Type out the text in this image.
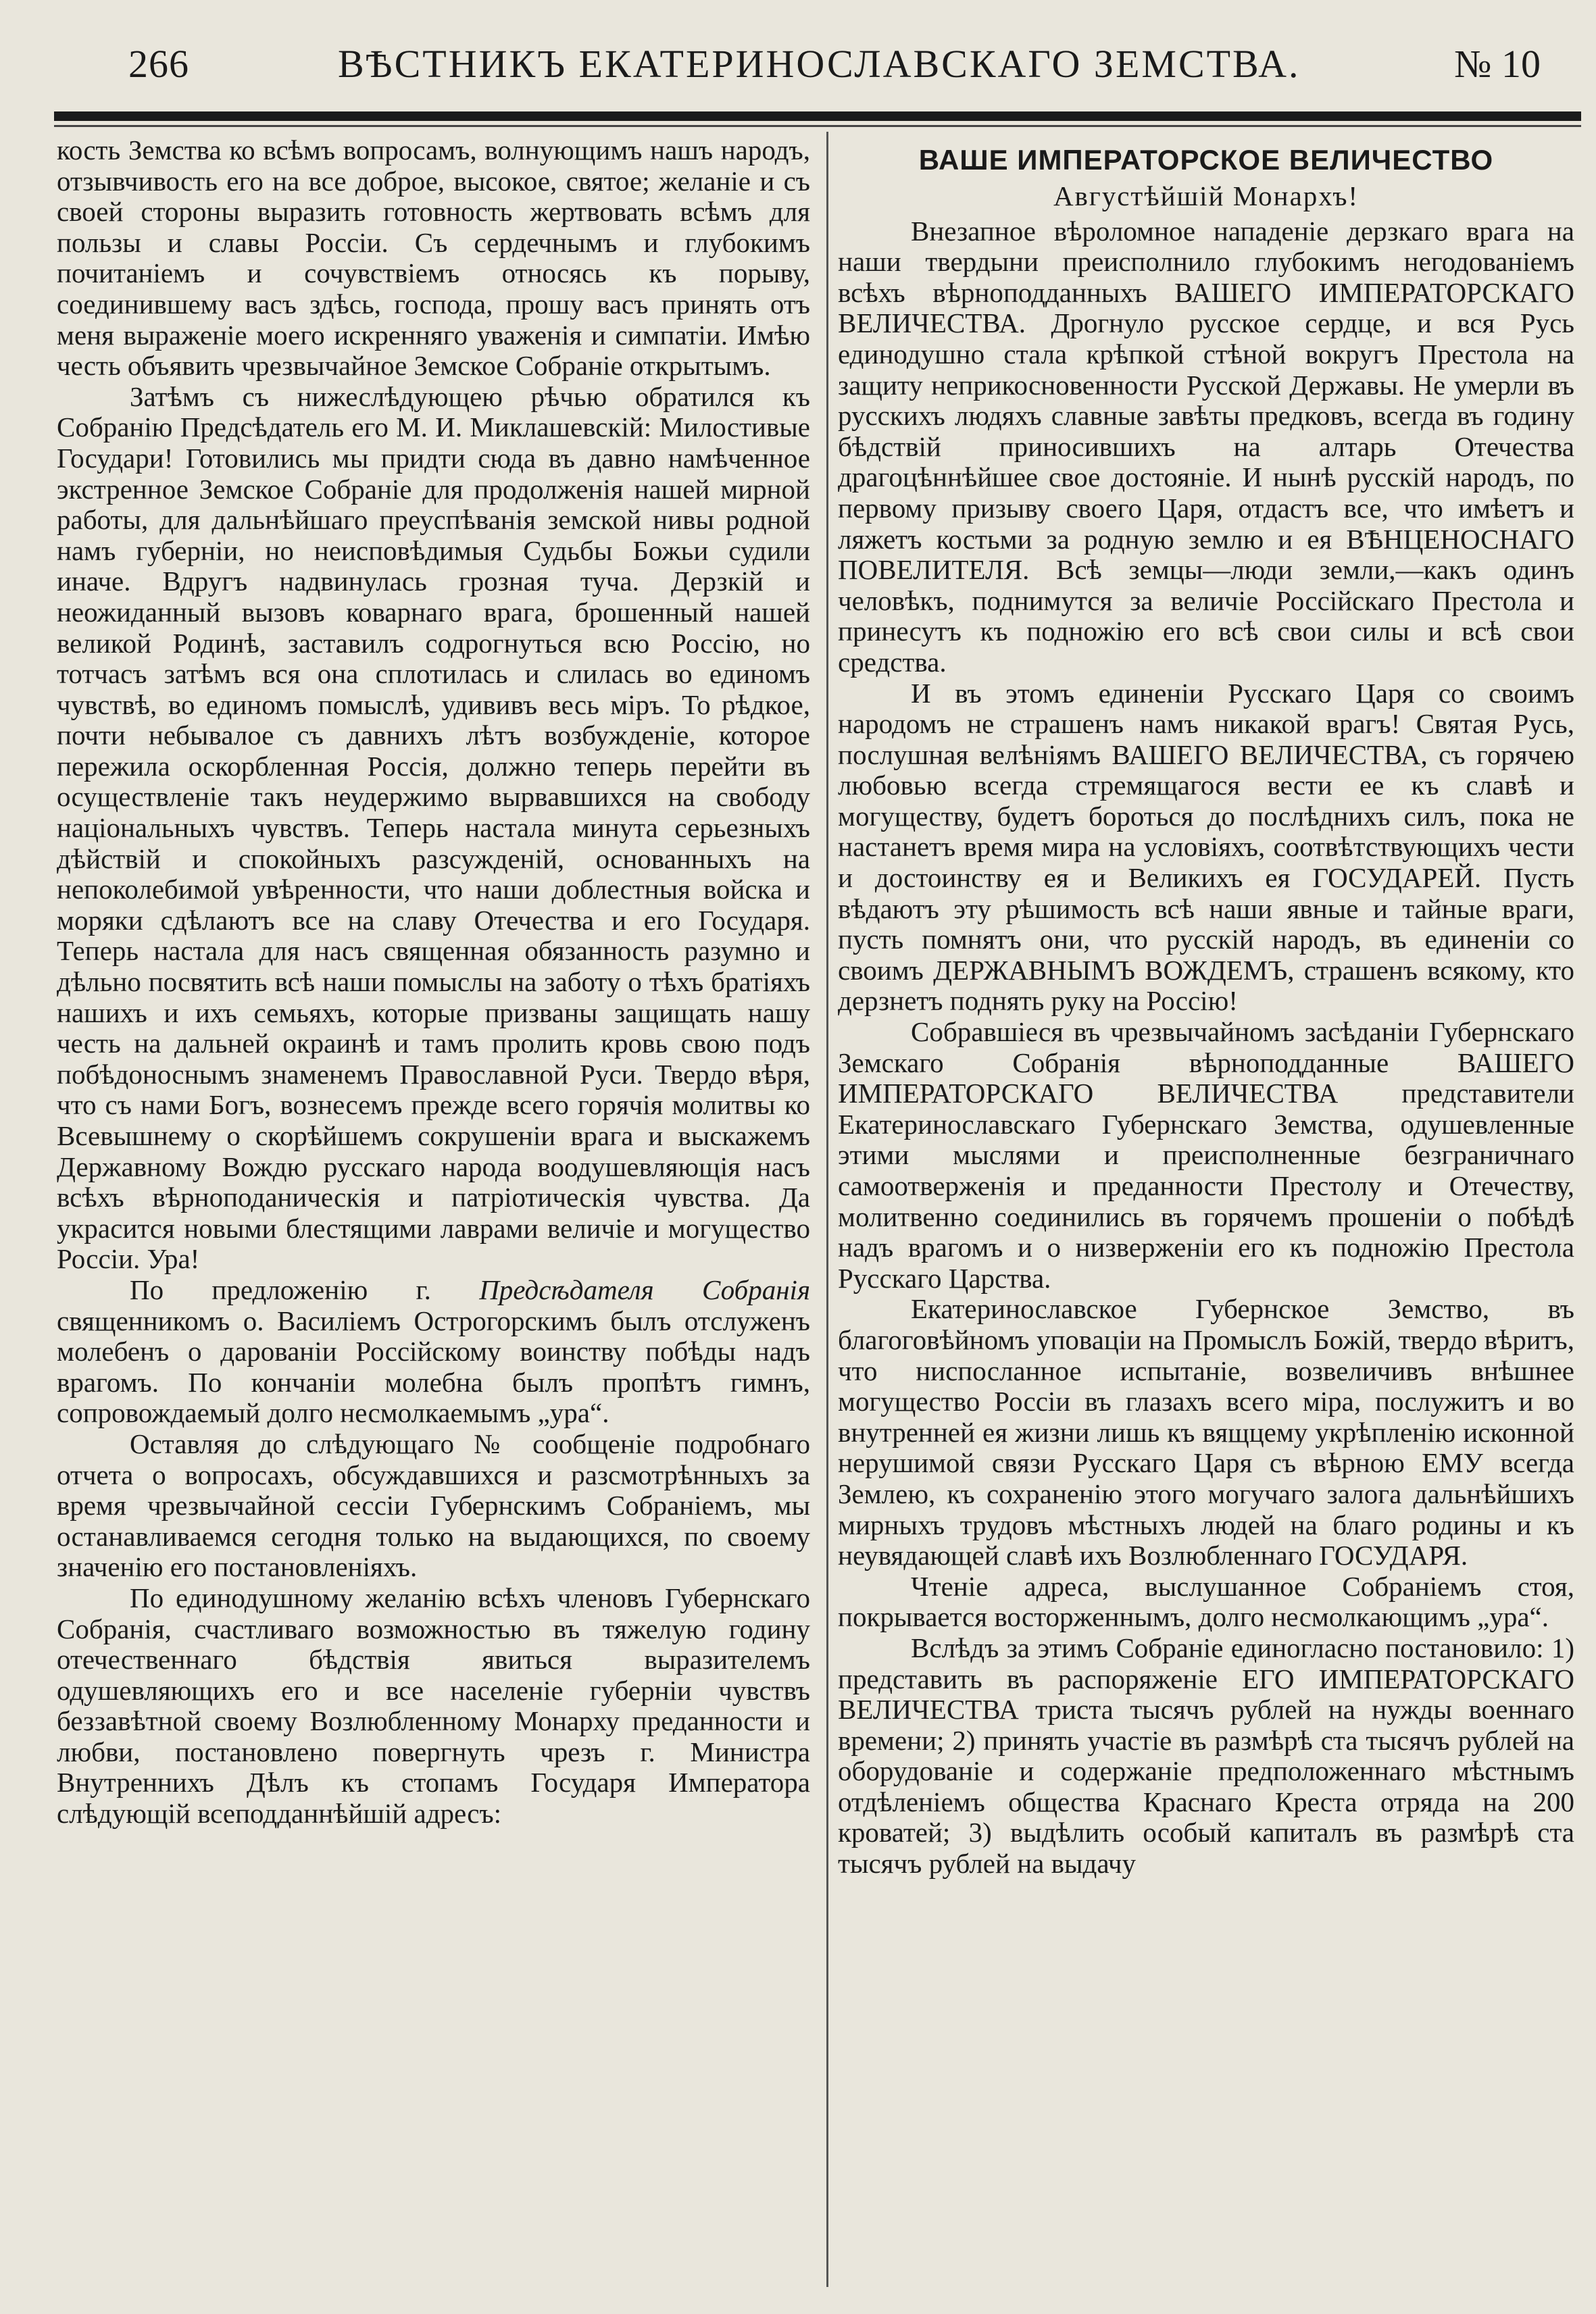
266	ВѢСТНИКЪ ЕКАТЕРИНОСЛАВСКАГО ЗЕМСТВА.	№ 10

кость Земства ко всѣмъ вопросамъ, волнующимъ нашъ народъ, отзывчивость его на все доброе, высокое, святое; желаніе и съ своей стороны выразить готовность жертвовать всѣмъ для пользы и славы Россіи. Съ сердечнымъ и глубокимъ почитаніемъ и сочувствіемъ относясь къ порыву, соединившему васъ здѣсь, господа, прошу васъ принять отъ меня выраженіе моего искренняго уваженія и симпатіи. Имѣю честь объявить чрезвычайное Земское Собраніе открытымъ.

Затѣмъ съ нижеслѣдующею рѣчью обратился къ Собранію Предсѣдатель его М. И. Миклашевскій: Милостивые Государи! Готовились мы придти сюда въ давно намѣченное экстренное Земское Собраніе для продолженія нашей мирной работы, для дальнѣйшаго преуспѣванія земской нивы родной намъ губерніи, но неисповѣдимыя Судьбы Божьи судили иначе. Вдругъ надвинулась грозная туча. Дерзкій и неожиданный вызовъ коварнаго врага, брошенный нашей великой Родинѣ, заставилъ содрогнуться всю Россію, но тотчасъ затѣмъ вся она сплотилась и слилась во единомъ чувствѣ, во единомъ помыслѣ, удививъ весь міръ. То рѣдкое, почти небывалое съ давнихъ лѣтъ возбужденіе, которое пережила оскорбленная Россія, должно теперь перейти въ осуществленіе такъ неудержимо вырвавшихся на свободу національныхъ чувствъ. Теперь настала минута серьезныхъ дѣйствій и спокойныхъ разсужденій, основанныхъ на непоколебимой увѣренности, что наши доблестныя войска и моряки сдѣлаютъ все на славу Отечества и его Государя. Теперь настала для насъ священная обязанность разумно и дѣльно посвятить всѣ наши помыслы на заботу о тѣхъ братіяхъ нашихъ и ихъ семьяхъ, которые призваны защищать нашу честь на дальней окраинѣ и тамъ пролить кровь свою подъ побѣдоноснымъ знаменемъ Православной Руси. Твердо вѣря, что съ нами Богъ, вознесемъ прежде всего горячія молитвы ко Всевышнему о скорѣйшемъ сокрушеніи врага и выскажемъ Державному Вождю русскаго народа воодушевляющія насъ всѣхъ вѣрноподаническія и патріотическія чувства. Да украсится новыми блестящими лаврами величіе и могущество Россіи. Ура!

По предложенію г. Предсѣдателя Собранія священникомъ о. Василіемъ Острогорскимъ былъ отслуженъ молебенъ о дарованіи Россійскому воинству побѣды надъ врагомъ. По кончаніи молебна былъ пропѣтъ гимнъ, сопровождаемый долго несмолкаемымъ „ура“.

Оставляя до слѣдующаго № сообщеніе подробнаго отчета о вопросахъ, обсуждавшихся и разсмотрѣнныхъ за время чрезвычайной сессіи Губернскимъ Собраніемъ, мы останавливаемся сегодня только на выдающихся, по своему значенію его постановленіяхъ.

По единодушному желанію всѣхъ членовъ Губернскаго Собранія, счастливаго возможностью въ тяжелую годину отечественнаго бѣдствія явиться выразителемъ одушевляющихъ его и все населеніе губерніи чувствъ беззавѣтной своему Возлюбленному Монарху преданности и любви, постановлено повергнуть чрезъ г. Министра Внутреннихъ Дѣлъ къ стопамъ Государя Императора слѣдующій всеподданнѣйшій адресъ:

ВАШЕ ИМПЕРАТОРСКОЕ ВЕЛИЧЕСТВО
Августѣйшій Монархъ!

Внезапное вѣроломное нападеніе дерзкаго врага на наши твердыни преисполнило глубокимъ негодованіемъ всѣхъ вѣрноподданныхъ ВАШЕГО ИМПЕРАТОРСКАГО ВЕЛИЧЕСТВА. Дрогнуло русское сердце, и вся Русь единодушно стала крѣпкой стѣной вокругъ Престола на защиту неприкосновенности Русской Державы. Не умерли въ русскихъ людяхъ славные завѣты предковъ, всегда въ годину бѣдствій приносившихъ на алтарь Отечества драгоцѣннѣйшее свое достояніе. И нынѣ русскій народъ, по первому призыву своего Царя, отдастъ все, что имѣетъ и ляжетъ костьми за родную землю и ея ВѢНЦЕНОСНАГО ПОВЕЛИТЕЛЯ. Всѣ земцы—люди земли,—какъ одинъ человѣкъ, поднимутся за величіе Россійскаго Престола и принесутъ къ подножію его всѣ свои силы и всѣ свои средства.

И въ этомъ единеніи Русскаго Царя со своимъ народомъ не страшенъ намъ никакой врагъ! Святая Русь, послушная велѣніямъ ВАШЕГО ВЕЛИЧЕСТВА, съ горячею любовью всегда стремящагося вести ее къ славѣ и могуществу, будетъ бороться до послѣднихъ силъ, пока не настанетъ время мира на условіяхъ, соотвѣтствующихъ чести и достоинству ея и Великихъ ея ГОСУДАРЕЙ. Пусть вѣдаютъ эту рѣшимость всѣ наши явные и тайные враги, пусть помнятъ они, что русскій народъ, въ единеніи со своимъ ДЕРЖАВНЫМЪ ВОЖДЕМЪ, страшенъ всякому, кто дерзнетъ поднять руку на Россію!

Собравшіеся въ чрезвычайномъ засѣданіи Губернскаго Земскаго Собранія вѣрноподданные ВАШЕГО ИМПЕРАТОРСКАГО ВЕЛИЧЕСТВА представители Екатеринославскаго Губернскаго Земства, одушевленные этими мыслями и преисполненные безграничнаго самоотверженія и преданности Престолу и Отечеству, молитвенно соединились въ горячемъ прошеніи о побѣдѣ надъ врагомъ и о низверженіи его къ подножію Престола Русскаго Царства.

Екатеринославское Губернское Земство, въ благоговѣйномъ уповаціи на Промыслъ Божій, твердо вѣритъ, что ниспосланное испытаніе, возвеличивъ внѣшнее могущество Россіи въ глазахъ всего міра, послужитъ и во внутренней ея жизни лишь къ вящцему укрѣпленію исконной нерушимой связи Русскаго Царя съ вѣрною ЕМУ всегда Землею, къ сохраненію этого могучаго залога дальнѣйшихъ мирныхъ трудовъ мѣстныхъ людей на благо родины и къ неувядающей славѣ ихъ Возлюбленнаго ГОСУДАРЯ.

Чтеніе адреса, выслушанное Собраніемъ стоя, покрывается восторженнымъ, долго несмолкающимъ „ура“.

Вслѣдъ за этимъ Собраніе единогласно постановило: 1) представить въ распоряженіе ЕГО ИМПЕРАТОРСКАГО ВЕЛИЧЕСТВА триста тысячъ рублей на нужды военнаго времени; 2) принять участіе въ размѣрѣ ста тысячъ рублей на оборудованіе и содержаніе предположеннаго мѣстнымъ отдѣленіемъ общества Краснаго Креста отряда на 200 кроватей; 3) выдѣлить особый капиталъ въ размѣрѣ ста тысячъ рублей на выдачу
